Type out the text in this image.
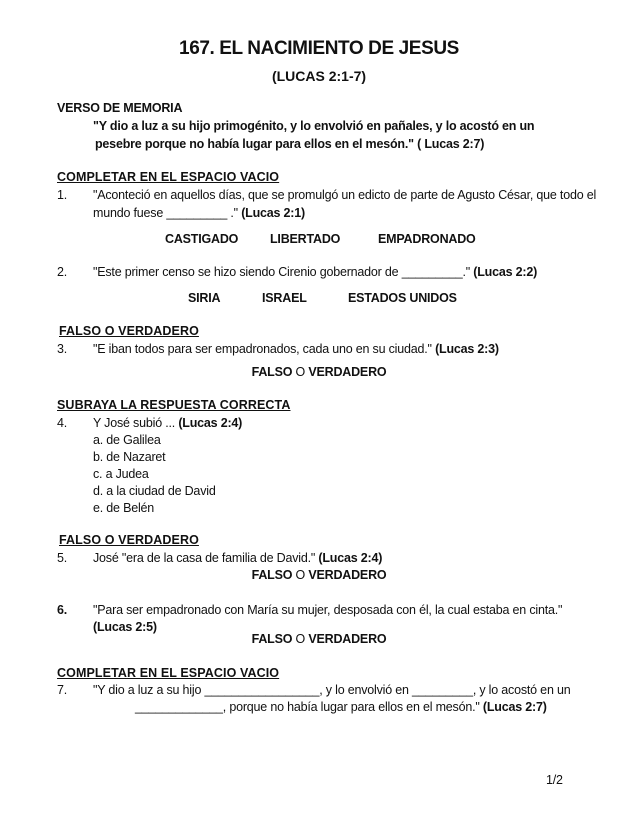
167. EL NACIMIENTO DE JESUS
(LUCAS 2:1-7)
VERSO DE MEMORIA
"Y dio a luz a su hijo primogénito, y lo envolvió en pañales, y lo acostó en un
pesebre porque no había lugar para ellos en el mesón." ( Lucas 2:7)
COMPLETAR EN EL ESPACIO VACIO
1. "Aconteció en aquellos días, que se promulgó un edicto de parte de Agusto César, que todo el
mundo fuese _________ ." (Lucas 2:1)
CASTIGADO	LIBERTADO	EMPADRONADO
2. "Este primer censo se hizo siendo Cirenio gobernador de _________." (Lucas 2:2)
SIRIA	ISRAEL	ESTADOS UNIDOS
FALSO O VERDADERO
3. "E iban todos para ser empadronados, cada uno en su ciudad." (Lucas 2:3)
FALSO O VERDADERO
SUBRAYA LA RESPUESTA CORRECTA
4. Y José subió ... (Lucas 2:4)
a. de Galilea
b. de Nazaret
c. a Judea
d. a la ciudad de David
e. de Belén
FALSO O VERDADERO
5. José "era de la casa de familia de David." (Lucas 2:4)
FALSO O VERDADERO
6. "Para ser empadronado con María su mujer, desposada con él, la cual estaba en cinta."
(Lucas 2:5)
FALSO O VERDADERO
COMPLETAR EN EL ESPACIO VACIO
7. "Y dio a luz a su hijo _________________, y lo envolvió en _________, y lo acostó en un
_____________, porque no había lugar para ellos en el mesón." (Lucas 2:7)
1/2
